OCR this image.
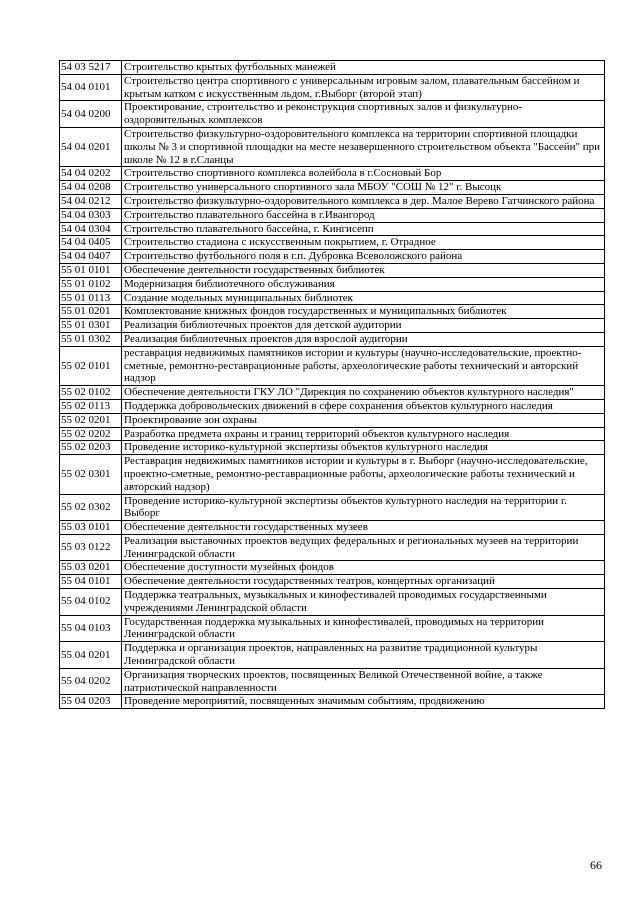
54 03 5217	Строительство крытых футбольных манежей
54 04 0101	Строительство центра спортивного с универсальным игровым залом, плавательным бассейном и крытым катком с искусственным льдом, г.Выборг (второй этап)
54 04 0200	Проектирование, строительство и реконструкция спортивных залов и физкультурно-оздоровительных комплексов
54 04 0201	Строительство физкультурно-оздоровительного комплекса на территории спортивной площадки школы № 3 и спортивной площадки на месте незавершенного строительством объекта "Бассейн" при школе № 12 в г.Сланцы
54 04 0202	Строительство спортивного комплекса волейбола в г.Сосновый Бор
54 04 0208	Строительство универсального спортивного зала МБОУ "СОШ № 12" г. Высоцк
54 04 0212	Строительство физкультурно-оздоровительного комплекса в дер. Малое Верево Гатчинского района
54 04 0303	Строительство плавательного бассейна в г.Ивангород
54 04 0304	Строительство плавательного бассейна, г. Кингисепп
54 04 0405	Строительство стадиона с искусственным покрытием, г. Отрадное
54 04 0407	Строительство футбольного поля в г.п. Дубровка Всеволожского района
55 01 0101	Обеспечение деятельности государственных библиотек
55 01 0102	Модернизация библиотечного обслуживания
55 01 0113	Создание модельных муниципальных библиотек
55 01 0201	Комплектование книжных фондов государственных и муниципальных библиотек
55 01 0301	Реализация библиотечных проектов для детской аудитории
55 01 0302	Реализация библиотечных проектов для взрослой аудитории
55 02 0101	реставрация недвижимых памятников истории и культуры (научно-исследовательские, проектно-сметные, ремонтно-реставрационные работы, археологические работы технический и авторский надзор
55 02 0102	Обеспечение деятельности ГКУ ЛО "Дирекция по сохранению объектов культурного наследия"
55 02 0113	Поддержка добровольческих движений в сфере сохранения объектов культурного наследия
55 02 0201	Проектирование зон охраны
55 02 0202	Разработка предмета охраны и границ территорий объектов культурного наследия
55 02 0203	Проведение историко-культурной экспертизы объектов культурного наследия
55 02 0301	Реставрация недвижимых памятников истории и культуры в г. Выборг (научно-исследовательские, проектно-сметные, ремонтно-реставрационные работы, археологические работы технический и авторский надзор)
55 02 0302	Проведение историко-культурной экспертизы объектов культурного наследия на территории г. Выборг
55 03 0101	Обеспечение деятельности государственных музеев
55 03 0122	Реализация выставочных проектов ведущих федеральных и региональных музеев на территории Ленинградской области
55 03 0201	Обеспечение доступности музейных фондов
55 04 0101	Обеспечение деятельности государственных театров, концертных организаций
55 04 0102	Поддержка театральных, музыкальных и кинофестивалей проводимых государственными учреждениями Ленинградской области
55 04 0103	Государственная поддержка музыкальных и кинофестивалей, проводимых на территории Ленинградской области
55 04 0201	Поддержка и организация проектов, направленных на развитие традиционной культуры Ленинградской области
55 04 0202	Организация творческих проектов, посвященных Великой Отечественной войне, а также патриотической направленности
55 04 0203	Проведение мероприятий, посвященных значимым событиям, продвижению
66
